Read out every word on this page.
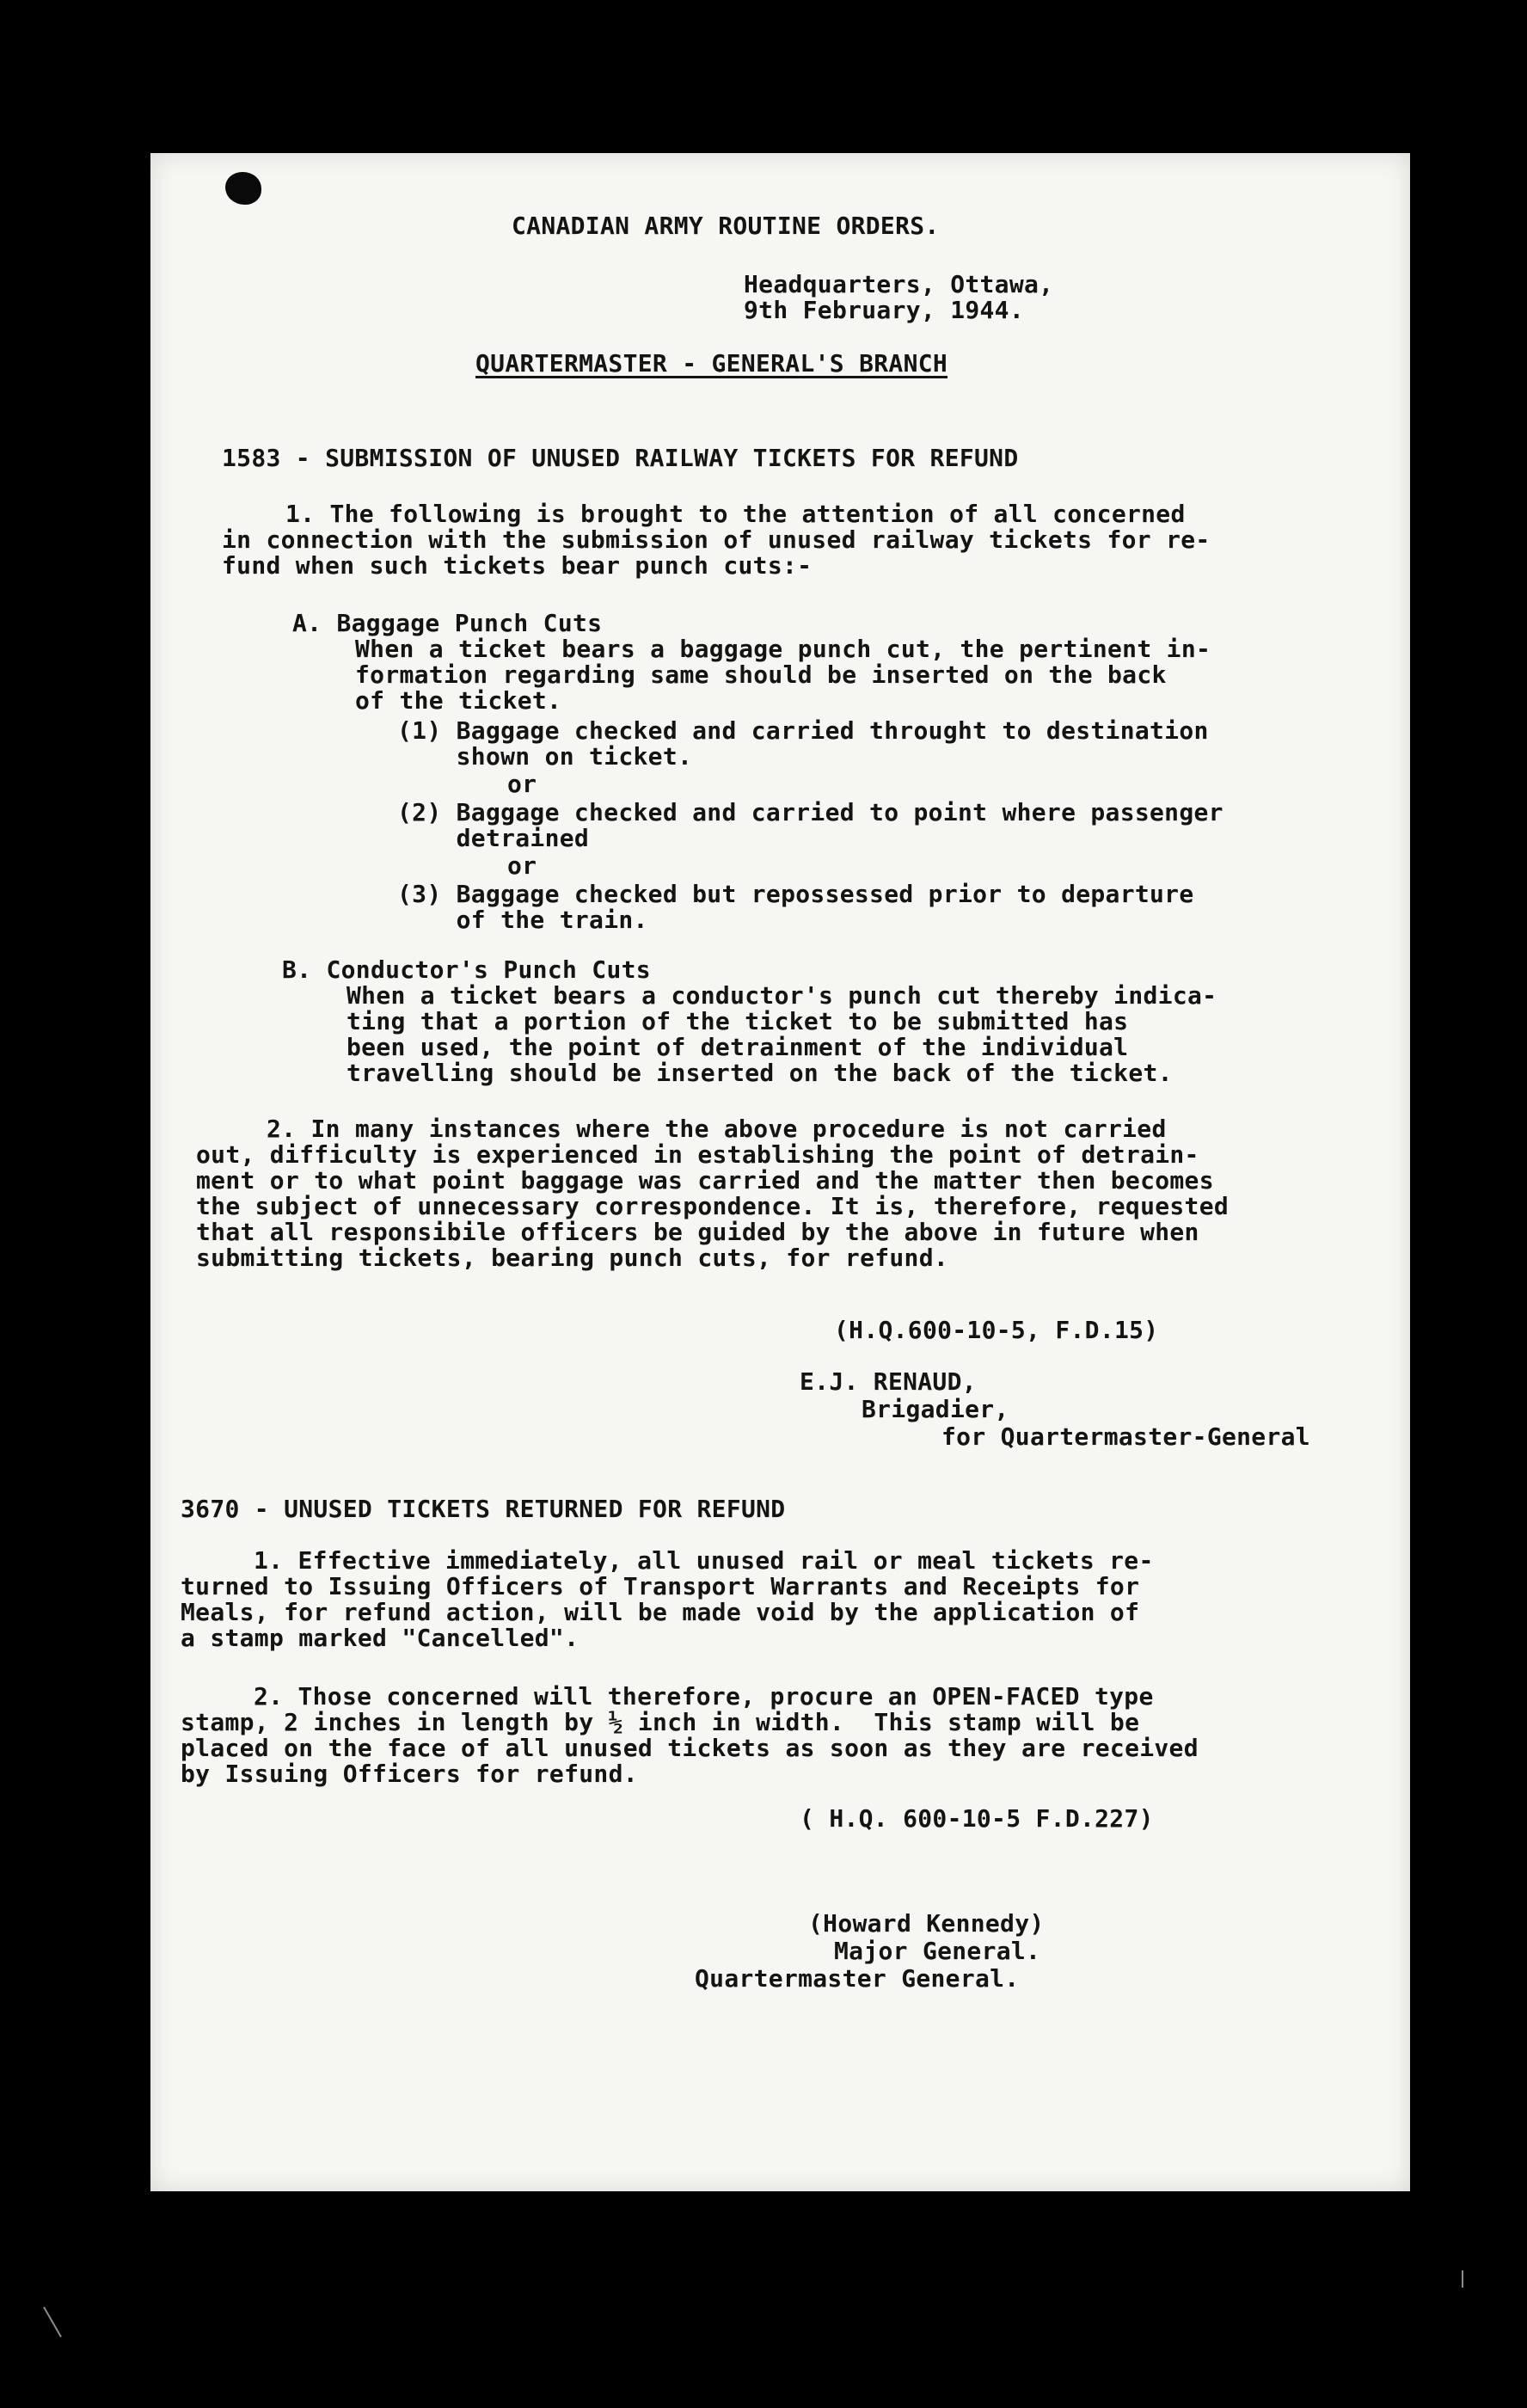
CANADIAN ARMY ROUTINE ORDERS.
Headquarters, Ottawa,
9th February, 1944.
QUARTERMASTER - GENERAL'S BRANCH
1583 - SUBMISSION OF UNUSED RAILWAY TICKETS FOR REFUND
1. The following is brought to the attention of all concerned
in connection with the submission of unused railway tickets for re-
fund when such tickets bear punch cuts:-
A. Baggage Punch Cuts
When a ticket bears a baggage punch cut, the pertinent in-
formation regarding same should be inserted on the back
of the ticket.
(1) Baggage checked and carried throught to destination
shown on ticket.
or
(2) Baggage checked and carried to point where passenger
detrained
or
(3) Baggage checked but repossessed prior to departure
of the train.
B. Conductor's Punch Cuts
When a ticket bears a conductor's punch cut thereby indica-
ting that a portion of the ticket to be submitted has
been used, the point of detrainment of the individual
travelling should be inserted on the back of the ticket.
2. In many instances where the above procedure is not carried
out, difficulty is experienced in establishing the point of detrain-
ment or to what point baggage was carried and the matter then becomes
the subject of unnecessary correspondence. It is, therefore, requested
that all responsibile officers be guided by the above in future when
submitting tickets, bearing punch cuts, for refund.
(H.Q.600-10-5, F.D.15)
E.J. RENAUD,
Brigadier,
for Quartermaster-General
3670 - UNUSED TICKETS RETURNED FOR REFUND
1. Effective immediately, all unused rail or meal tickets re-
turned to Issuing Officers of Transport Warrants and Receipts for
Meals, for refund action, will be made void by the application of
a stamp marked "Cancelled".
2. Those concerned will therefore, procure an OPEN-FACED type
stamp, 2 inches in length by ½ inch in width.  This stamp will be
placed on the face of all unused tickets as soon as they are received
by Issuing Officers for refund.
( H.Q. 600-10-5 F.D.227)
(Howard Kennedy)
Major General.
Quartermaster General.
